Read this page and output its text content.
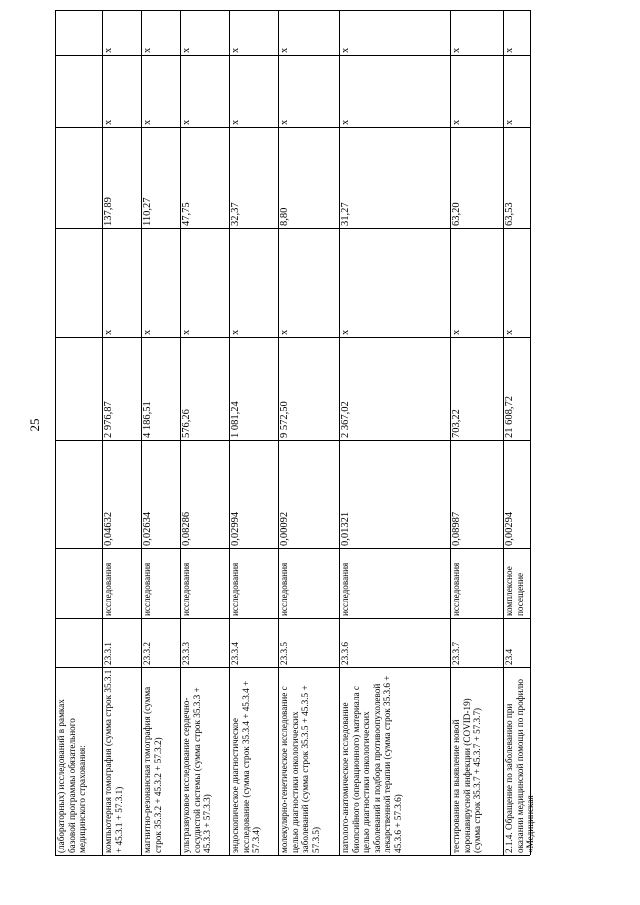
25
(лабораторных) исследований в рамках базовой программы обязательного медицинского страхования:	компьютерная томография (сумма строк 35.3.1 + 45.3.1 + 57.3.1)
23.3.1
исследования
0,04632
2 976,87
х
137,89
х
х
магнитно-резонансная томография (сумма строк 35.3.2 + 45.3.2 + 57.3.2)
23.3.2
исследования
0,02634
4 186,51
х
110,27
х
х
ультразвуковое исследование сердечно-сосудистой системы (сумма строк 35.3.3 + 45.3.3 + 57.3.3)
23.3.3
исследования
0,08286
576,26
х
47,75
х
х
эндоскопическое диагностическое исследование (сумма строк 35.3.4 + 45.3.4 + 57.3.4)
23.3.4
исследования
0,02994
1 081,24
х
32,37
х
х
молекулярно-генетическое исследование с целью диагностики онкологических заболеваний (сумма строк 35.3.5 + 45.3.5 + 57.3.5)
23.3.5
исследования
0,00092
9 572,50
х
8,80
х
х
патолого-анатомическое исследование биопсийного (операционного) материала с целью диагностики онкологических заболеваний и подбора противоопухолевой лекарственной терапии (сумма строк 35.3.6 + 45.3.6 + 57.3.6)
23.3.6
исследования
0,01321
2 367,02
х
31,27
х
х
тестирование на выявление новой коронавирусной инфекции (COVID-19) (сумма строк 35.3.7 + 45.3.7 + 57.3.7)
23.3.7
исследования
0,08987
703,22
х
63,20
х
х
2.1.4. Обращение по заболеванию при оказании медицинской помощи по профилю «Медицинская
23.4
комплексное посещение
0,00294
21 608,72
х
63,53
х
х
